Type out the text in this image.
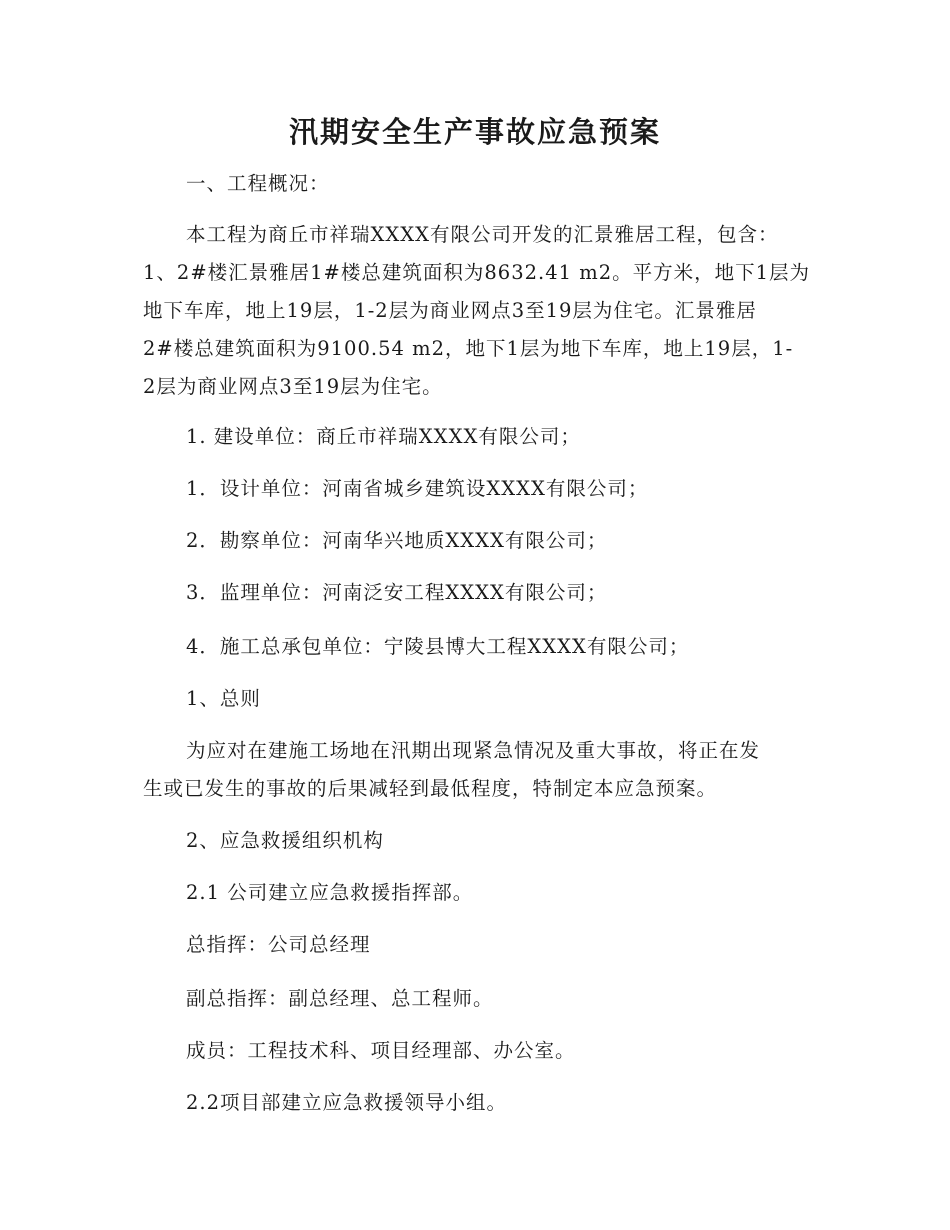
汛期安全生产事故应急预案
一、工程概况：
本工程为商丘市祥瑞XXXX有限公司开发的汇景雅居工程，包含：
1、2#楼汇景雅居1#楼总建筑面积为8632.41 m2。平方米，地下1层为
地下车库，地上19层，1-2层为商业网点3至19层为住宅。汇景雅居
2#楼总建筑面积为9100.54 m2，地下1层为地下车库，地上19层，1-
2层为商业网点3至19层为住宅。
1. 建设单位：商丘市祥瑞XXXX有限公司；
1．设计单位：河南省城乡建筑设XXXX有限公司；
2．勘察单位：河南华兴地质XXXX有限公司；
3．监理单位：河南泛安工程XXXX有限公司；
4．施工总承包单位：宁陵县博大工程XXXX有限公司；
1、总则
为应对在建施工场地在汛期出现紧急情况及重大事故，将正在发
生或已发生的事故的后果减轻到最低程度，特制定本应急预案。
2、应急救援组织机构
2.1 公司建立应急救援指挥部。
总指挥：公司总经理
副总指挥：副总经理、总工程师。
成员：工程技术科、项目经理部、办公室。
2.2项目部建立应急救援领导小组。
